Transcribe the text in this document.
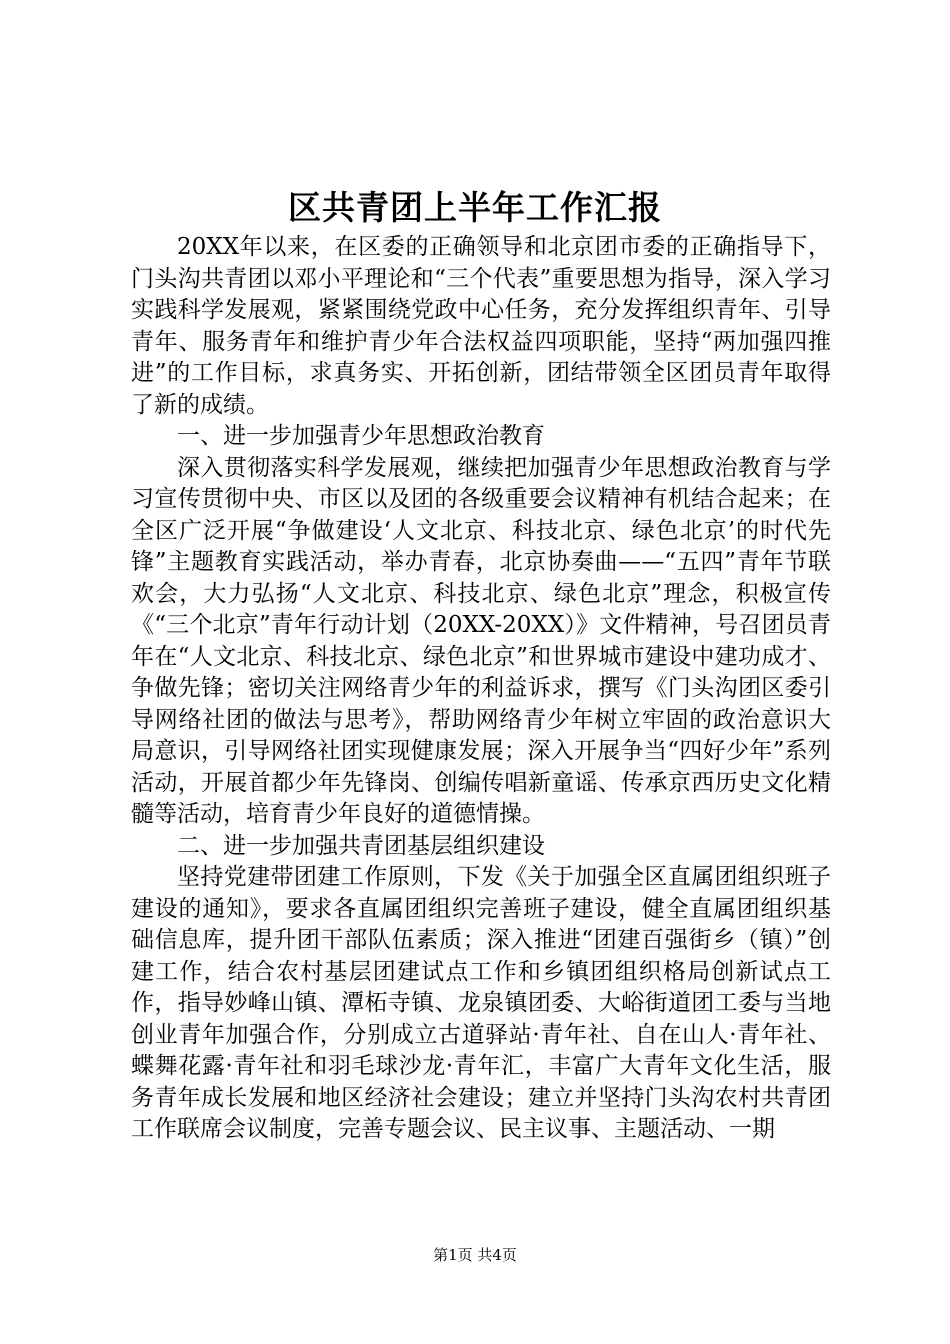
区共青团上半年工作汇报

20XX年以来，在区委的正确领导和北京团市委的正确指导下，门头沟共青团以邓小平理论和“三个代表”重要思想为指导，深入学习实践科学发展观，紧紧围绕党政中心任务，充分发挥组织青年、引导青年、服务青年和维护青少年合法权益四项职能，坚持“两加强四推进”的工作目标，求真务实、开拓创新，团结带领全区团员青年取得了新的成绩。

一、进一步加强青少年思想政治教育

深入贯彻落实科学发展观，继续把加强青少年思想政治教育与学习宣传贯彻中央、市区以及团的各级重要会议精神有机结合起来；在全区广泛开展“争做建设‘人文北京、科技北京、绿色北京’的时代先锋”主题教育实践活动，举办青春，北京协奏曲——“五四”青年节联欢会，大力弘扬“人文北京、科技北京、绿色北京”理念，积极宣传《“三个北京”青年行动计划（20XX-20XX）》文件精神，号召团员青年在“人文北京、科技北京、绿色北京”和世界城市建设中建功成才、争做先锋；密切关注网络青少年的利益诉求，撰写《门头沟团区委引导网络社团的做法与思考》，帮助网络青少年树立牢固的政治意识大局意识，引导网络社团实现健康发展；深入开展争当“四好少年”系列活动，开展首都少年先锋岗、创编传唱新童谣、传承京西历史文化精髓等活动，培育青少年良好的道德情操。

二、进一步加强共青团基层组织建设

坚持党建带团建工作原则，下发《关于加强全区直属团组织班子建设的通知》，要求各直属团组织完善班子建设，健全直属团组织基础信息库，提升团干部队伍素质；深入推进“团建百强街乡（镇）”创建工作，结合农村基层团建试点工作和乡镇团组织格局创新试点工作，指导妙峰山镇、潭柘寺镇、龙泉镇团委、大峪街道团工委与当地创业青年加强合作，分别成立古道驿站·青年社、自在山人·青年社、蝶舞花露·青年社和羽毛球沙龙·青年汇，丰富广大青年文化生活，服务青年成长发展和地区经济社会建设；建立并坚持门头沟农村共青团工作联席会议制度，完善专题会议、民主议事、主题活动、一期

第1页 共4页
